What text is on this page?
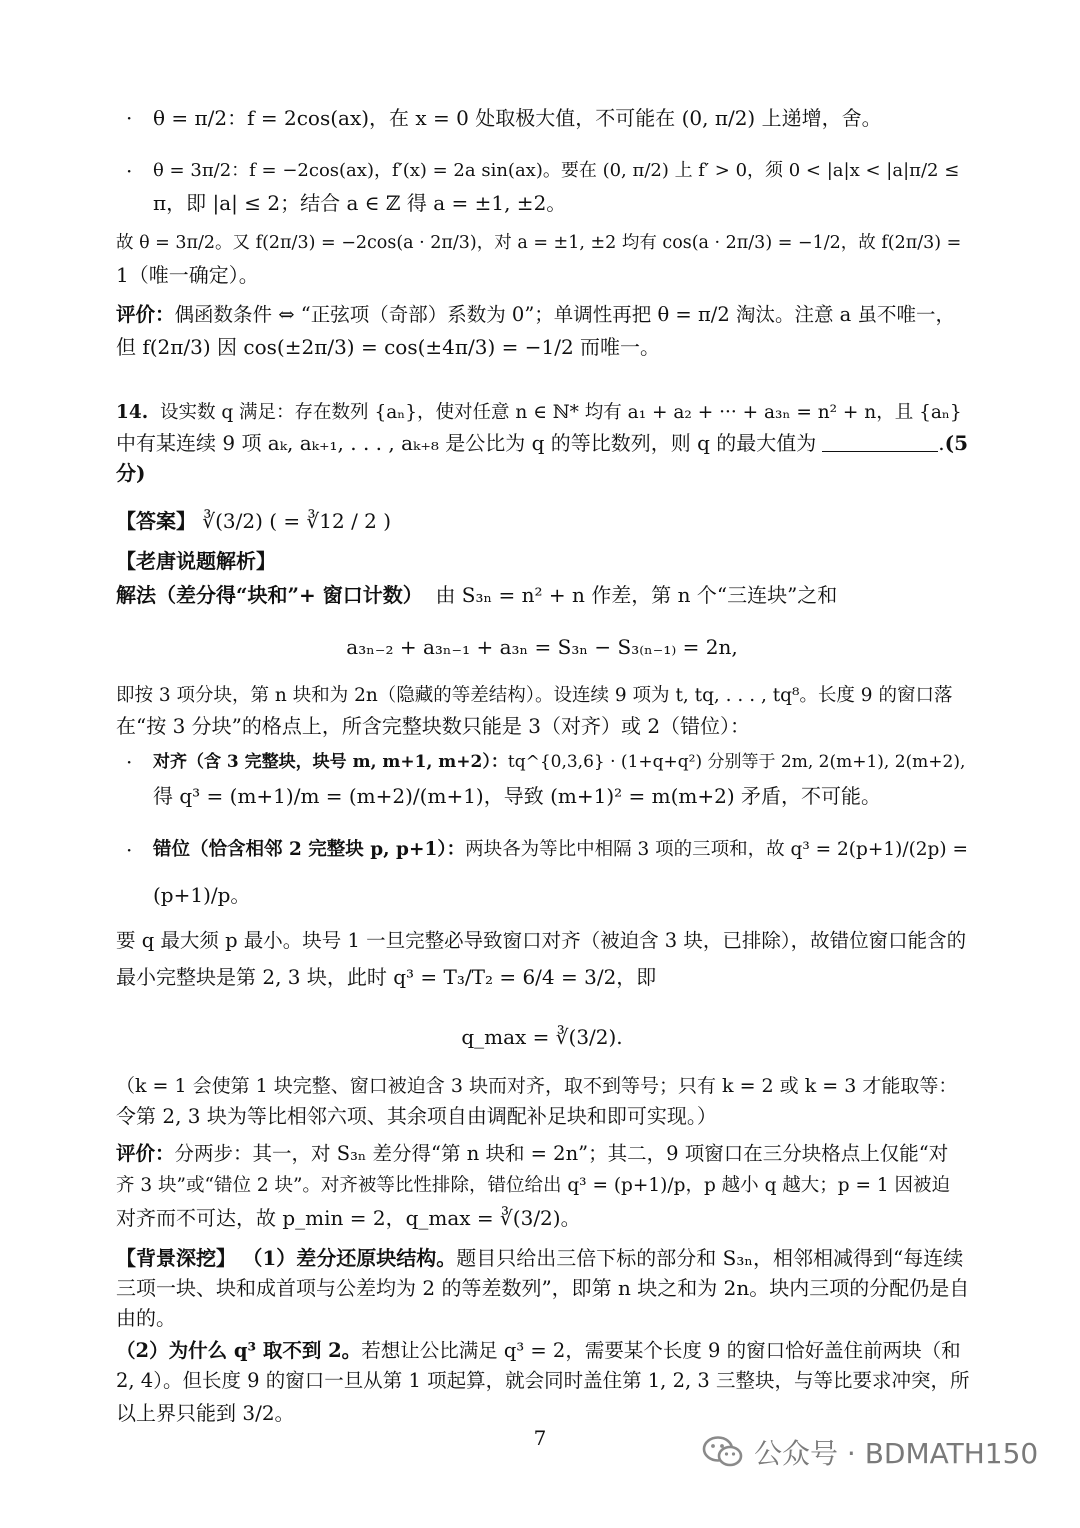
·	θ = π/2：f = 2cos(ax)，在 x = 0 处取极大值，不可能在 (0, π/2) 上递增，舍。
·	θ = 3π/2：f = −2cos(ax)，f′(x) = 2a sin(ax)。要在 (0, π/2) 上 f′ > 0，须 0 < |a|x < |a|π/2 ≤
π，即 |a| ≤ 2；结合 a ∈ ℤ 得 a = ±1, ±2。
故 θ = 3π/2。又 f(2π/3) = −2cos(a · 2π/3)，对 a = ±1, ±2 均有 cos(a · 2π/3) = −1/2，故 f(2π/3) =
1（唯一确定）。
评价：偶函数条件 ⇔ “正弦项（奇部）系数为 0”；单调性再把 θ = π/2 淘汰。注意 a 虽不唯一，
但 f(2π/3) 因 cos(±2π/3) = cos(±4π/3) = −1/2 而唯一。
14. 设实数 q 满足：存在数列 {aₙ}，使对任意 n ∈ ℕ* 均有 a₁ + a₂ + ··· + a₃ₙ = n² + n，且 {aₙ}
中有某连续 9 项 aₖ, aₖ₊₁, . . . , aₖ₊₈ 是公比为 q 的等比数列，则 q 的最大值为	. (5
分)
【答案】 ∛(3/2) ( = ∛12 / 2 )
【老唐说题解析】
解法（差分得“块和”+ 窗口计数） 由 S₃ₙ = n² + n 作差，第 n 个“三连块”之和
a₃ₙ₋₂ + a₃ₙ₋₁ + a₃ₙ = S₃ₙ − S₃₍ₙ₋₁₎ = 2n,
即按 3 项分块，第 n 块和为 2n（隐藏的等差结构）。设连续 9 项为 t, tq, . . . , tq⁸。长度 9 的窗口落
在“按 3 分块”的格点上，所含完整块数只能是 3（对齐）或 2（错位）：
·	对齐（含 3 完整块，块号 m, m+1, m+2）：tq^{0,3,6} · (1+q+q²) 分别等于 2m, 2(m+1), 2(m+2),
得 q³ = (m+1)/m = (m+2)/(m+1)，导致 (m+1)² = m(m+2) 矛盾，不可能。
·	错位（恰含相邻 2 完整块 p, p+1）：两块各为等比中相隔 3 项的三项和，故 q³ = 2(p+1)/(2p) =
(p+1)/p。
要 q 最大须 p 最小。块号 1 一旦完整必导致窗口对齐（被迫含 3 块，已排除），故错位窗口能含的
最小完整块是第 2, 3 块，此时 q³ = T₃/T₂ = 6/4 = 3/2，即
q_max = ∛(3/2).
（k = 1 会使第 1 块完整、窗口被迫含 3 块而对齐，取不到等号；只有 k = 2 或 k = 3 才能取等：
令第 2, 3 块为等比相邻六项、其余项自由调配补足块和即可实现。）
评价：分两步：其一，对 S₃ₙ 差分得“第 n 块和 = 2n”；其二，9 项窗口在三分块格点上仅能“对
齐 3 块”或“错位 2 块”。对齐被等比性排除，错位给出 q³ = (p+1)/p，p 越小 q 越大；p = 1 因被迫
对齐而不可达，故 p_min = 2，q_max = ∛(3/2)。
【背景深挖】 （1）差分还原块结构。题目只给出三倍下标的部分和 S₃ₙ，相邻相减得到“每连续
三项一块、块和成首项与公差均为 2 的等差数列”，即第 n 块之和为 2n。块内三项的分配仍是自
由的。
（2）为什么 q³ 取不到 2。若想让公比满足 q³ = 2，需要某个长度 9 的窗口恰好盖住前两块（和
2, 4）。但长度 9 的窗口一旦从第 1 项起算，就会同时盖住第 1, 2, 3 三整块，与等比要求冲突，所
以上界只能到 3/2。
7	公众号 · BDMATH150
